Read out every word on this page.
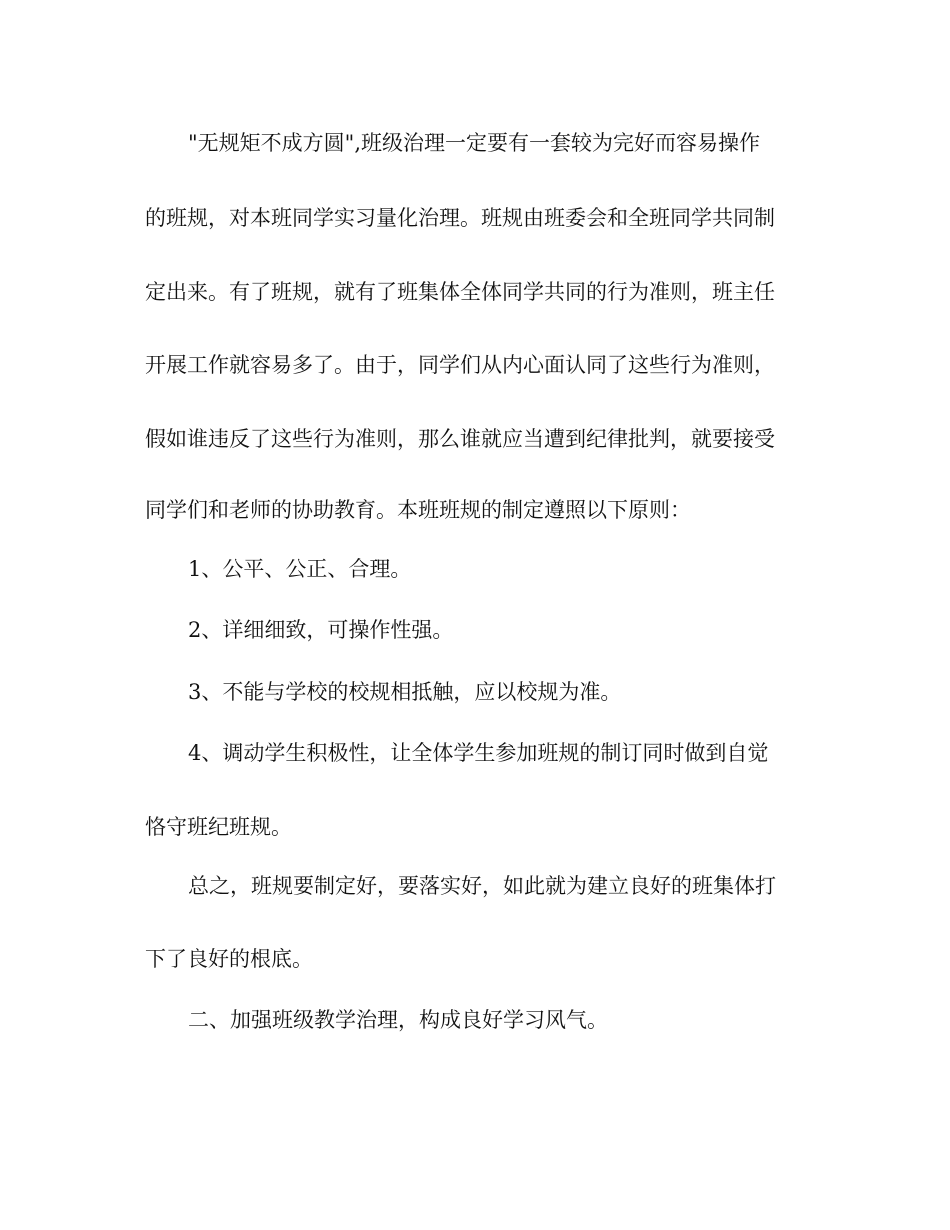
"无规矩不成方圆",班级治理一定要有一套较为完好而容易操作
的班规，对本班同学实习量化治理。班规由班委会和全班同学共同制
定出来。有了班规，就有了班集体全体同学共同的行为准则，班主任
开展工作就容易多了。由于，同学们从内心面认同了这些行为准则，
假如谁违反了这些行为准则，那么谁就应当遭到纪律批判，就要接受
同学们和老师的协助教育。本班班规的制定遵照以下原则：
1、公平、公正、合理。
2、详细细致，可操作性强。
3、不能与学校的校规相抵触，应以校规为准。
4、调动学生积极性，让全体学生参加班规的制订同时做到自觉
恪守班纪班规。
总之，班规要制定好，要落实好，如此就为建立良好的班集体打
下了良好的根底。
二、加强班级教学治理，构成良好学习风气。
